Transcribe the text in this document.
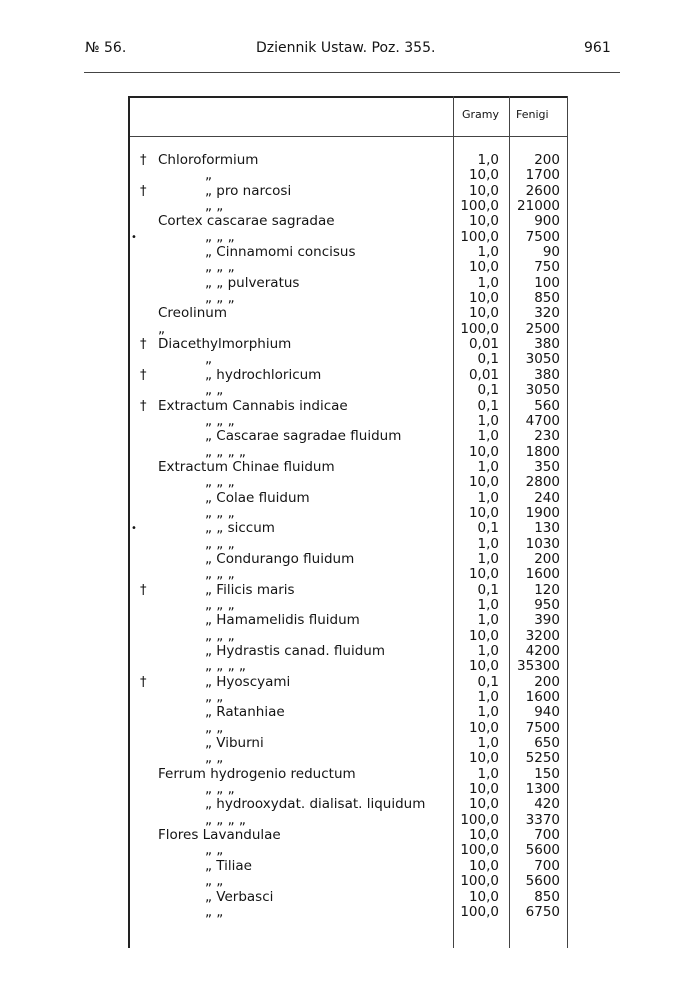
№ 56.	Dziennik Ustaw. Poz. 355.	961
Gramy Fenigi
† Chloroformium	1,0	200
„	10,0	1700
†	„ pro narcosi	10,0	2600
„ „	100,0	21000
Cortex cascarae sagradae	10,0	900
•	„ „ „	100,0	7500
„ Cinnamomi concisus	1,0	90
„ „ „	10,0	750
„ „ pulveratus	1,0	100
„ „ „	10,0	850
Creolinum	10,0	320
„	100,0	2500
† Diacethylmorphium	0,01	380
„	0,1	3050
†	„ hydrochloricum	0,01	380
„ „	0,1	3050
† Extractum Cannabis indicae	0,1	560
„ „ „	1,0	4700
„ Cascarae sagradae fluidum	1,0	230
„ „ „ „	10,0	1800
Extractum Chinae fluidum	1,0	350
„ „ „	10,0	2800
„ Colae fluidum	1,0	240
„ „ „	10,0	1900
•	„ „ siccum	0,1	130
„ „ „	1,0	1030
„ Condurango fluidum	1,0	200
„ „ „	10,0	1600
†	„ Filicis maris	0,1	120
„ „ „	1,0	950
„ Hamamelidis fluidum	1,0	390
„ „ „	10,0	3200
„ Hydrastis canad. fluidum	1,0	4200
„ „ „ „	10,0	35300
†	„ Hyoscyami	0,1	200
„ „	1,0	1600
„ Ratanhiae	1,0	940
„ „	10,0	7500
„ Viburni	1,0	650
„ „	10,0	5250
Ferrum hydrogenio reductum	1,0	150
„ „ „	10,0	1300
„ hydrooxydat. dialisat. liquidum	10,0	420
„ „ „ „	100,0	3370
Flores Lavandulae	10,0	700
„ „	100,0	5600
„ Tiliae	10,0	700
„ „	100,0	5600
„ Verbasci	10,0	850
„ „	100,0	6750
